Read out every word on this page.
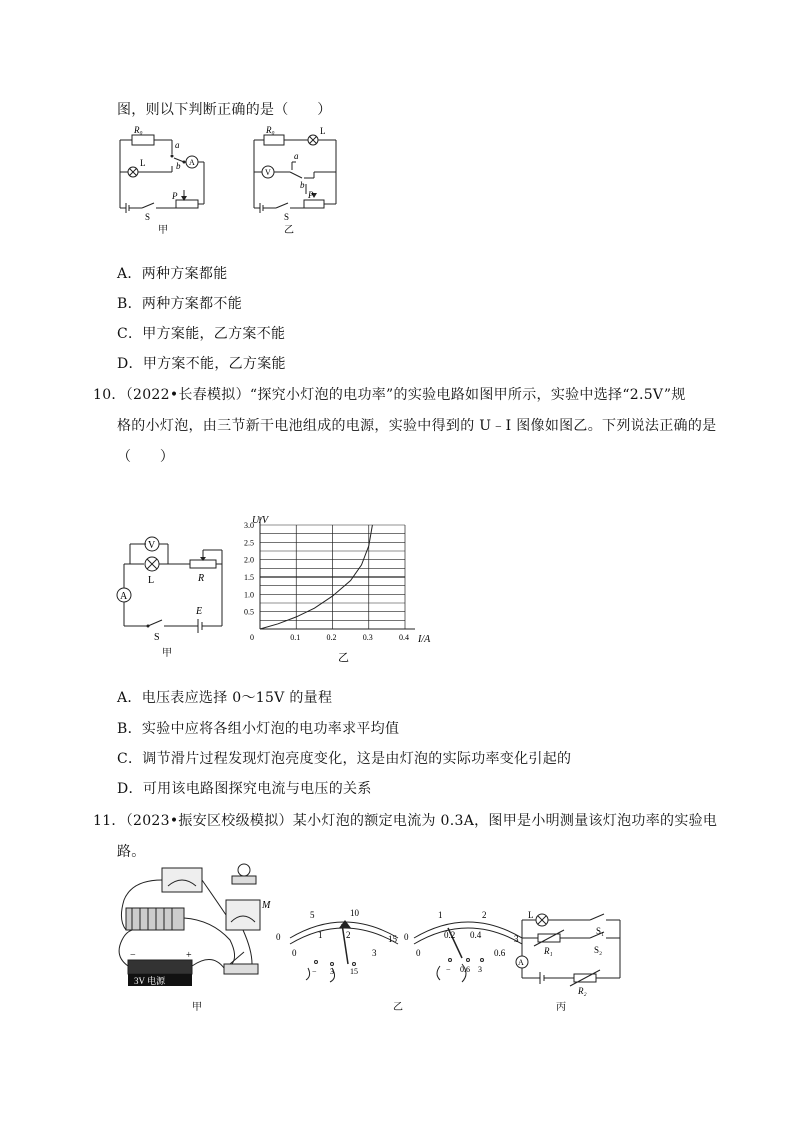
图，则以下判断正确的是（　　）
R₀
a
b
L	A
S
P
甲
R₀	L
V
a
b
S
P
乙
A．两种方案都能
B．两种方案都不能
C．甲方案能，乙方案不能
D．甲方案不能，乙方案能
10．（2022•长春模拟）“探究小灯泡的电功率”的实验电路如图甲所示，实验中选择“2.5V”规
格的小灯泡，由三节新干电池组成的电源，实验中得到的 U﹣I 图像如图乙。下列说法正确的是
（　　）
V
L	R
A
S
E
甲
0	0.1	0.2	0.3	0.4
0.5
1.0
1.5
2.0
2.5
3.0
U/V
I/A
乙
A．电压表应选择 0～15V 的量程
B．实验中应将各组小灯泡的电功率求平均值
C．调节滑片过程发现灯泡亮度变化，这是由灯泡的实际功率变化引起的
D．可用该电路图探究电流与电压的关系
11．（2023•振安区校级模拟）某小灯泡的额定电流为 0.3A，图甲是小明测量该灯泡功率的实验电
路。
3V 电源
−	+
M
甲
0
5	10
15
0
1	2
3
− 3 15
0
1	2
3
0
0.2 0.4
0.6
− 0.6 3
乙
L
S₁
S₂
R₁
R₂
A
丙
